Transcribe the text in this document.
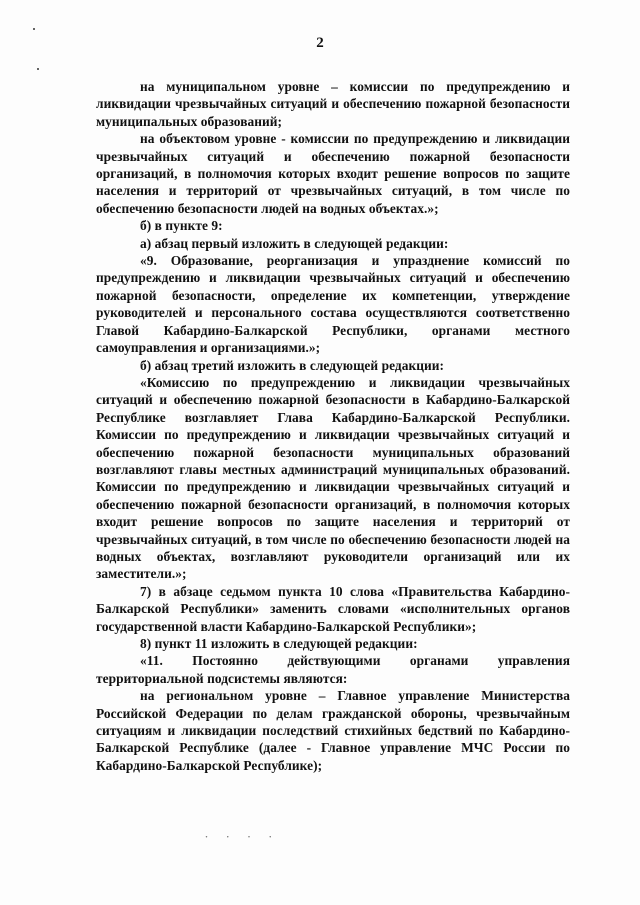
2

на муниципальном уровне – комиссии по предупреждению и ликвидации чрезвычайных ситуаций и обеспечению пожарной безопасности муниципальных образований;

на объектовом уровне - комиссии по предупреждению и ликвидации чрезвычайных ситуаций и обеспечению пожарной безопасности организаций, в полномочия которых входит решение вопросов по защите населения и территорий от чрезвычайных ситуаций, в том числе по обеспечению безопасности людей на водных объектах.»;

б) в пункте 9:

а) абзац первый изложить в следующей редакции:

«9. Образование, реорганизация и упразднение комиссий по предупреждению и ликвидации чрезвычайных ситуаций и обеспечению пожарной безопасности, определение их компетенции, утверждение руководителей и персонального состава осуществляются соответственно Главой Кабардино-Балкарской Республики, органами местного самоуправления и организациями.»;

б) абзац третий изложить в следующей редакции:

«Комиссию по предупреждению и ликвидации чрезвычайных ситуаций и обеспечению пожарной безопасности в Кабардино-Балкарской Республике возглавляет Глава Кабардино-Балкарской Республики. Комиссии по предупреждению и ликвидации чрезвычайных ситуаций и обеспечению пожарной безопасности муниципальных образований возглавляют главы местных администраций муниципальных образований. Комиссии по предупреждению и ликвидации чрезвычайных ситуаций и обеспечению пожарной безопасности организаций, в полномочия которых входит решение вопросов по защите населения и территорий от чрезвычайных ситуаций, в том числе по обеспечению безопасности людей на водных объектах, возглавляют руководители организаций или их заместители.»;

7) в абзаце седьмом пункта 10 слова «Правительства Кабардино-Балкарской Республики» заменить словами «исполнительных органов государственной власти Кабардино-Балкарской Республики»;

8) пункт 11 изложить в следующей редакции:

«11. Постоянно действующими органами управления территориальной подсистемы являются:

на региональном уровне – Главное управление Министерства Российской Федерации по делам гражданской обороны, чрезвычайным ситуациям и ликвидации последствий стихийных бедствий по Кабардино-Балкарской Республике (далее - Главное управление МЧС России по Кабардино-Балкарской Республике);

· · · ·
